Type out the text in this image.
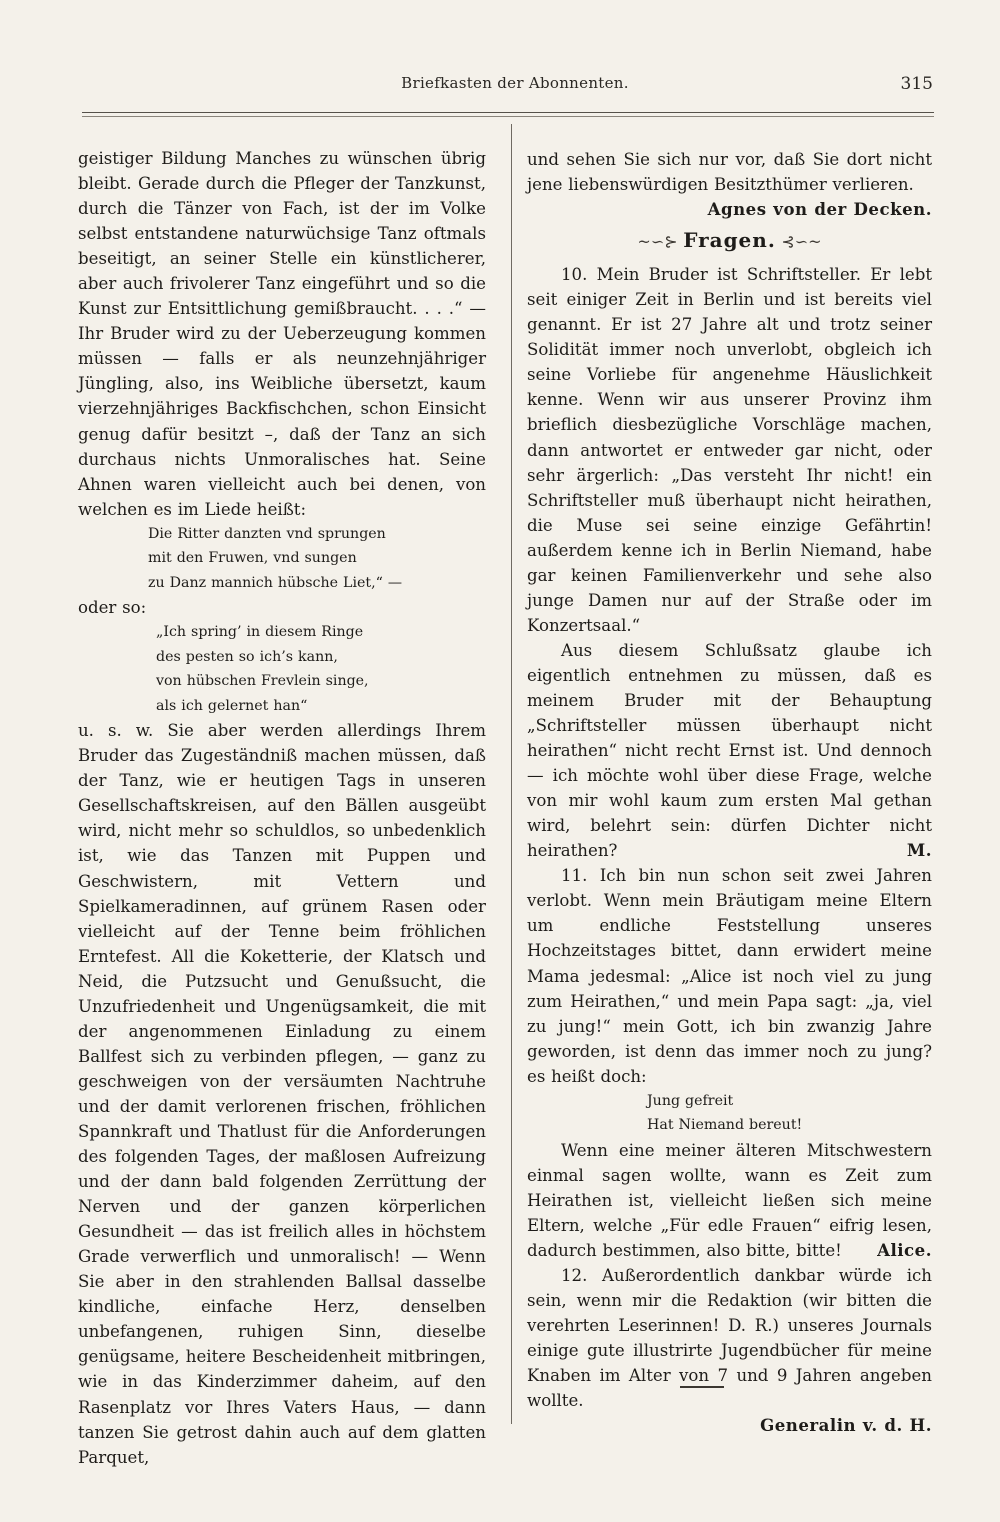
Briefkasten der Abonnenten.	315

geistiger Bildung Manches zu wünschen übrig bleibt. Gerade durch die Pfleger der Tanzkunst, durch die Tänzer von Fach, ist der im Volke selbst entstandene naturwüchsige Tanz oftmals beseitigt, an seiner Stelle ein künstlicherer, aber auch frivolerer Tanz eingeführt und so die Kunst zur Entsittlichung gemißbraucht. . . .“ — Ihr Bruder wird zu der Ueberzeugung kommen müssen — falls er als neunzehnjähriger Jüngling, also, ins Weibliche übersetzt, kaum vierzehnjähriges Backfischchen, schon Einsicht genug dafür besitzt –, daß der Tanz an sich durchaus nichts Unmoralisches hat. Seine Ahnen waren vielleicht auch bei denen, von welchen es im Liede heißt:

Die Ritter danzten vnd sprungen
mit den Fruwen, vnd sungen
zu Danz mannich hübsche Liet,“ —

oder so:

„Ich spring’ in diesem Ringe
des pesten so ich’s kann,
von hübschen Frevlein singe,
als ich gelernet han“

u. s. w. Sie aber werden allerdings Ihrem Bruder das Zugeständniß machen müssen, daß der Tanz, wie er heutigen Tags in unseren Gesellschaftskreisen, auf den Bällen ausgeübt wird, nicht mehr so schuldlos, so unbedenklich ist, wie das Tanzen mit Puppen und Geschwistern, mit Vettern und Spielkameradinnen, auf grünem Rasen oder vielleicht auf der Tenne beim fröhlichen Erntefest. All die Koketterie, der Klatsch und Neid, die Putzsucht und Genußsucht, die Unzufriedenheit und Ungenügsamkeit, die mit der angenommenen Einladung zu einem Ballfest sich zu verbinden pflegen, — ganz zu geschweigen von der versäumten Nachtruhe und der damit verlorenen frischen, fröhlichen Spannkraft und Thatlust für die Anforderungen des folgenden Tages, der maßlosen Aufreizung und der dann bald folgenden Zerrüttung der Nerven und der ganzen körperlichen Gesundheit — das ist freilich alles in höchstem Grade verwerflich und unmoralisch! — Wenn Sie aber in den strahlenden Ballsal dasselbe kindliche, einfache Herz, denselben unbefangenen, ruhigen Sinn, dieselbe genügsame, heitere Bescheidenheit mitbringen, wie in das Kinderzimmer daheim, auf den Rasenplatz vor Ihres Vaters Haus, — dann tanzen Sie getrost dahin auch auf dem glatten Parquet,

und sehen Sie sich nur vor, daß Sie dort nicht jene liebenswürdigen Besitzthümer verlieren.

Agnes von der Decken.

~∽⊱ Fragen. ⊰∽~

10. Mein Bruder ist Schriftsteller. Er lebt seit einiger Zeit in Berlin und ist bereits viel genannt. Er ist 27 Jahre alt und trotz seiner Solidität immer noch unverlobt, obgleich ich seine Vorliebe für angenehme Häuslichkeit kenne. Wenn wir aus unserer Provinz ihm brieflich diesbezügliche Vorschläge machen, dann antwortet er entweder gar nicht, oder sehr ärgerlich: „Das versteht Ihr nicht! ein Schriftsteller muß überhaupt nicht heirathen, die Muse sei seine einzige Gefährtin! außerdem kenne ich in Berlin Niemand, habe gar keinen Familienverkehr und sehe also junge Damen nur auf der Straße oder im Konzertsaal.“

Aus diesem Schlußsatz glaube ich eigentlich entnehmen zu müssen, daß es meinem Bruder mit der Behauptung „Schriftsteller müssen überhaupt nicht heirathen“ nicht recht Ernst ist. Und dennoch — ich möchte wohl über diese Frage, welche von mir wohl kaum zum ersten Mal gethan wird, belehrt sein: dürfen Dichter nicht heirathen?	M.

11. Ich bin nun schon seit zwei Jahren verlobt. Wenn mein Bräutigam meine Eltern um endliche Feststellung unseres Hochzeitstages bittet, dann erwidert meine Mama jedesmal: „Alice ist noch viel zu jung zum Heirathen,“ und mein Papa sagt: „ja, viel zu jung!“ mein Gott, ich bin zwanzig Jahre geworden, ist denn das immer noch zu jung? es heißt doch:

Jung gefreit
Hat Niemand bereut!

Wenn eine meiner älteren Mitschwestern einmal sagen wollte, wann es Zeit zum Heirathen ist, vielleicht ließen sich meine Eltern, welche „Für edle Frauen“ eifrig lesen, dadurch bestimmen, also bitte, bitte!	Alice.

12. Außerordentlich dankbar würde ich sein, wenn mir die Redaktion (wir bitten die verehrten Leserinnen! D. R.) unseres Journals einige gute illustrirte Jugendbücher für meine Knaben im Alter von 7 und 9 Jahren angeben wollte.

Generalin v. d. H.
